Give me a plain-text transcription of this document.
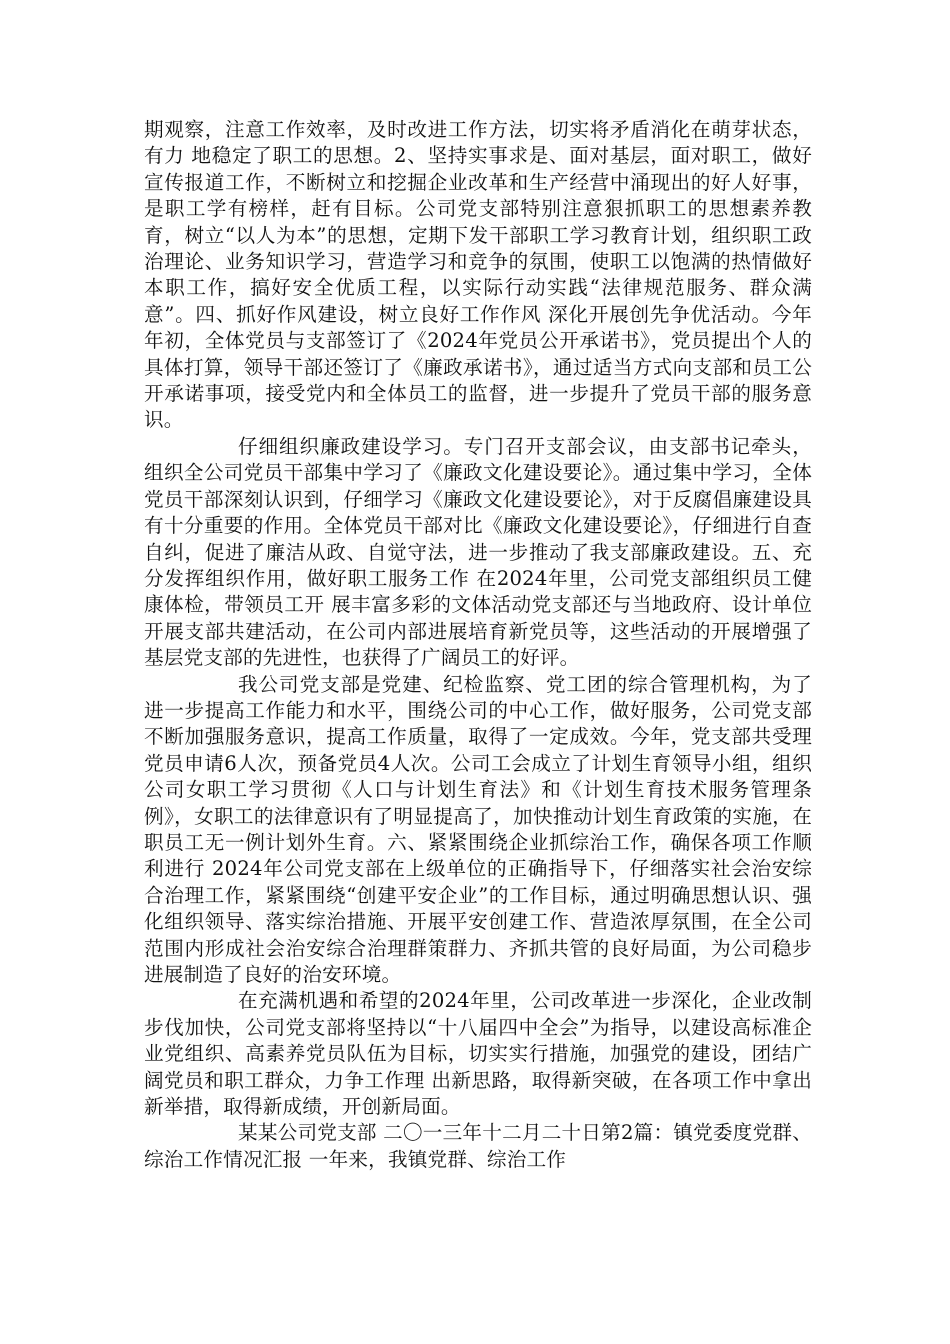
期观察，注意工作效率，及时改进工作方法，切实将矛盾消化在萌芽状态，有力 地稳定了职工的思想。2、坚持实事求是、面对基层，面对职工，做好宣传报道工作，不断树立和挖掘企业改革和生产经营中涌现出的好人好事，是职工学有榜样，赶有目标。公司党支部特别注意狠抓职工的思想素养教育，树立“以人为本”的思想，定期下发干部职工学习教育计划，组织职工政治理论、业务知识学习，营造学习和竞争的氛围，使职工以饱满的热情做好本职工作，搞好安全优质工程，以实际行动实践“法律规范服务、群众满意”。四、抓好作风建设，树立良好工作作风 深化开展创先争优活动。今年年初，全体党员与支部签订了《2024年党员公开承诺书》，党员提出个人的具体打算，领导干部还签订了《廉政承诺书》，通过适当方式向支部和员工公开承诺事项，接受党内和全体员工的监督，进一步提升了党员干部的服务意识。

仔细组织廉政建设学习。专门召开支部会议，由支部书记牵头，组织全公司党员干部集中学习了《廉政文化建设要论》。通过集中学习，全体党员干部深刻认识到，仔细学习《廉政文化建设要论》，对于反腐倡廉建设具有十分重要的作用。全体党员干部对比《廉政文化建设要论》，仔细进行自查自纠，促进了廉洁从政、自觉守法，进一步推动了我支部廉政建设。五、充分发挥组织作用，做好职工服务工作 在2024年里，公司党支部组织员工健康体检，带领员工开 展丰富多彩的文体活动党支部还与当地政府、设计单位开展支部共建活动，在公司内部进展培育新党员等，这些活动的开展增强了基层党支部的先进性，也获得了广阔员工的好评。

我公司党支部是党建、纪检监察、党工团的综合管理机构，为了进一步提高工作能力和水平，围绕公司的中心工作，做好服务，公司党支部不断加强服务意识，提高工作质量，取得了一定成效。今年，党支部共受理党员申请6人次，预备党员4人次。公司工会成立了计划生育领导小组，组织公司女职工学习贯彻《人口与计划生育法》和《计划生育技术服务管理条例》，女职工的法律意识有了明显提高了，加快推动计划生育政策的实施，在职员工无一例计划外生育。六、紧紧围绕企业抓综治工作，确保各项工作顺利进行 2024年公司党支部在上级单位的正确指导下，仔细落实社会治安综合治理工作，紧紧围绕“创建平安企业”的工作目标，通过明确思想认识、强化组织领导、落实综治措施、开展平安创建工作、营造浓厚氛围，在全公司范围内形成社会治安综合治理群策群力、齐抓共管的良好局面，为公司稳步进展制造了良好的治安环境。

在充满机遇和希望的2024年里，公司改革进一步深化，企业改制步伐加快，公司党支部将坚持以“十八届四中全会”为指导，以建设高标准企业党组织、高素养党员队伍为目标，切实实行措施，加强党的建设，团结广阔党员和职工群众，力争工作理 出新思路，取得新突破，在各项工作中拿出新举措，取得新成绩，开创新局面。

某某公司党支部 二〇一三年十二月二十日第2篇：镇党委度党群、综治工作情况汇报 一年来，我镇党群、综治工作
